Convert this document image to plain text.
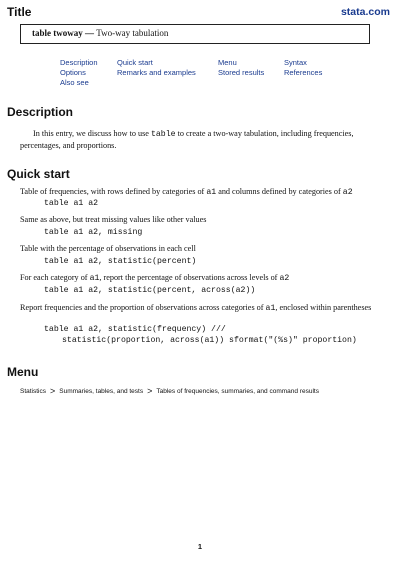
Title	stata.com
table twoway — Two-way tabulation
Description	Quick start	Menu	Syntax
Options	Remarks and examples	Stored results	References
Also see
Description
In this entry, we discuss how to use table to create a two-way tabulation, including frequencies, percentages, and proportions.
Quick start
Table of frequencies, with rows defined by categories of a1 and columns defined by categories of a2
table a1 a2
Same as above, but treat missing values like other values
table a1 a2, missing
Table with the percentage of observations in each cell
table a1 a2, statistic(percent)
For each category of a1, report the percentage of observations across levels of a2
table a1 a2, statistic(percent, across(a2))
Report frequencies and the proportion of observations across categories of a1, enclosed within parentheses
table a1 a2, statistic(frequency) ///
statistic(proportion, across(a1)) sformat("(%s)" proportion)
Menu
Statistics > Summaries, tables, and tests > Tables of frequencies, summaries, and command results
1
